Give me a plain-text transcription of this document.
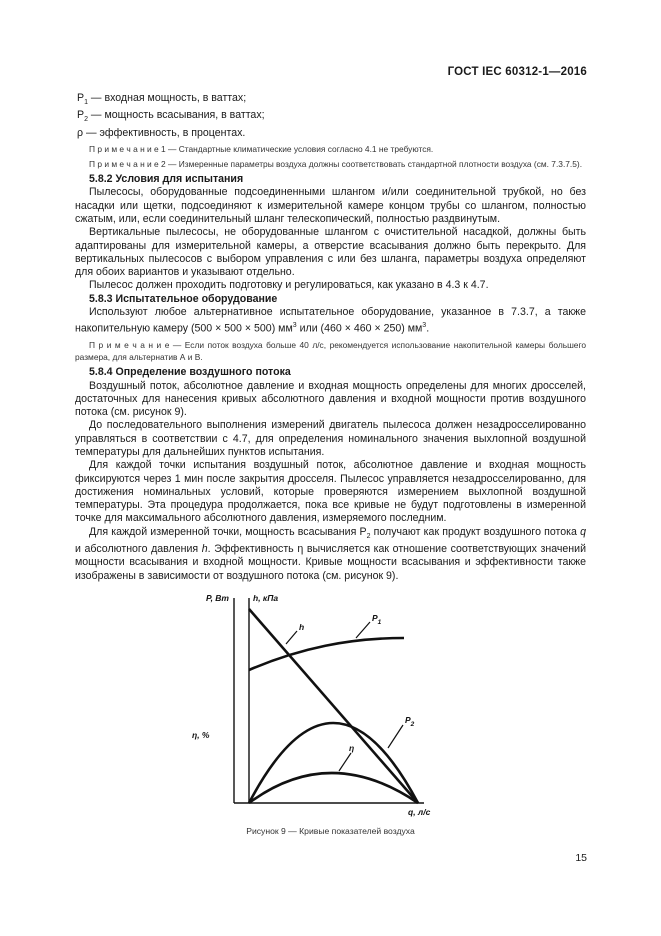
ГОСТ IEC 60312-1—2016

$P_1$ — входная мощность, в ваттах;

$P_2$ — мощность всасывания, в ваттах;

ρ — эффективность, в процентах.

П р и м е ч а н и е 1 — Стандартные климатические условия согласно 4.1 не требуются.

П р и м е ч а н и е 2 — Измеренные параметры воздуха должны соответствовать стандартной плотности воздуха (см. 7.3.7.5).

5.8.2 Условия для испытания

Пылесосы, оборудованные подсоединенными шлангом и/или соединительной трубкой, но без насадки или щетки, подсоединяют к измерительной камере концом трубы со шлангом, полностью сжатым, или, если соединительный шланг телескопический, полностью раздвинутым.

Вертикальные пылесосы, не оборудованные шлангом с очистительной насадкой, должны быть адаптированы для измерительной камеры, а отверстие всасывания должно быть перекрыто. Для вертикальных пылесосов с выбором управления с или без шланга, параметры воздуха определяют для обоих вариантов и указывают отдельно.

Пылесос должен проходить подготовку и регулироваться, как указано в 4.3 к 4.7.

5.8.3 Испытательное оборудование

Используют любое альтернативное испытательное оборудование, указанное в 7.3.7, а также накопительную камеру (500 × 500 × 500) $мм^3$ или (460 × 460 × 250) $мм^3$.

П р и м е ч а н и е — Если поток воздуха больше 40 л/с, рекомендуется использование накопительной камеры большего размера, для альтернатив А и В.

5.8.4 Определение воздушного потока

Воздушный поток, абсолютное давление и входная мощность определены для многих дросселей, достаточных для нанесения кривых абсолютного давления и входной мощности против воздушного потока (см. рисунок 9).

До последовательного выполнения измерений двигатель пылесоса должен незадросселированно управляться в соответствии с 4.7, для определения номинального значения выхлопной воздушной температуры для дальнейших пунктов испытания.

Для каждой точки испытания воздушный поток, абсолютное давление и входная мощность фиксируются через 1 мин после закрытия дросселя. Пылесос управляется незадросселированно, для достижения номинальных условий, которые проверяются измерением выхлопной воздушной температуры. Эта процедура продолжается, пока все кривые не будут подготовлены в измеренной точке для максимального абсолютного давления, измеряемого последним.

Для каждой измеренной точки, мощность всасывания $P_2$ получают как продукт воздушного потока q и абсолютного давления h. Эффективность η вычисляется как отношение соответствующих значений мощности всасывания и входной мощности. Кривые мощности всасывания и эффективности также изображены в зависимости от воздушного потока (см. рисунок 9).

P, Вт	h, кПа
η, %
q, л/с
h
$P_1$
$P_2$
η
Рисунок 9 — Кривые показателей воздуха
15
